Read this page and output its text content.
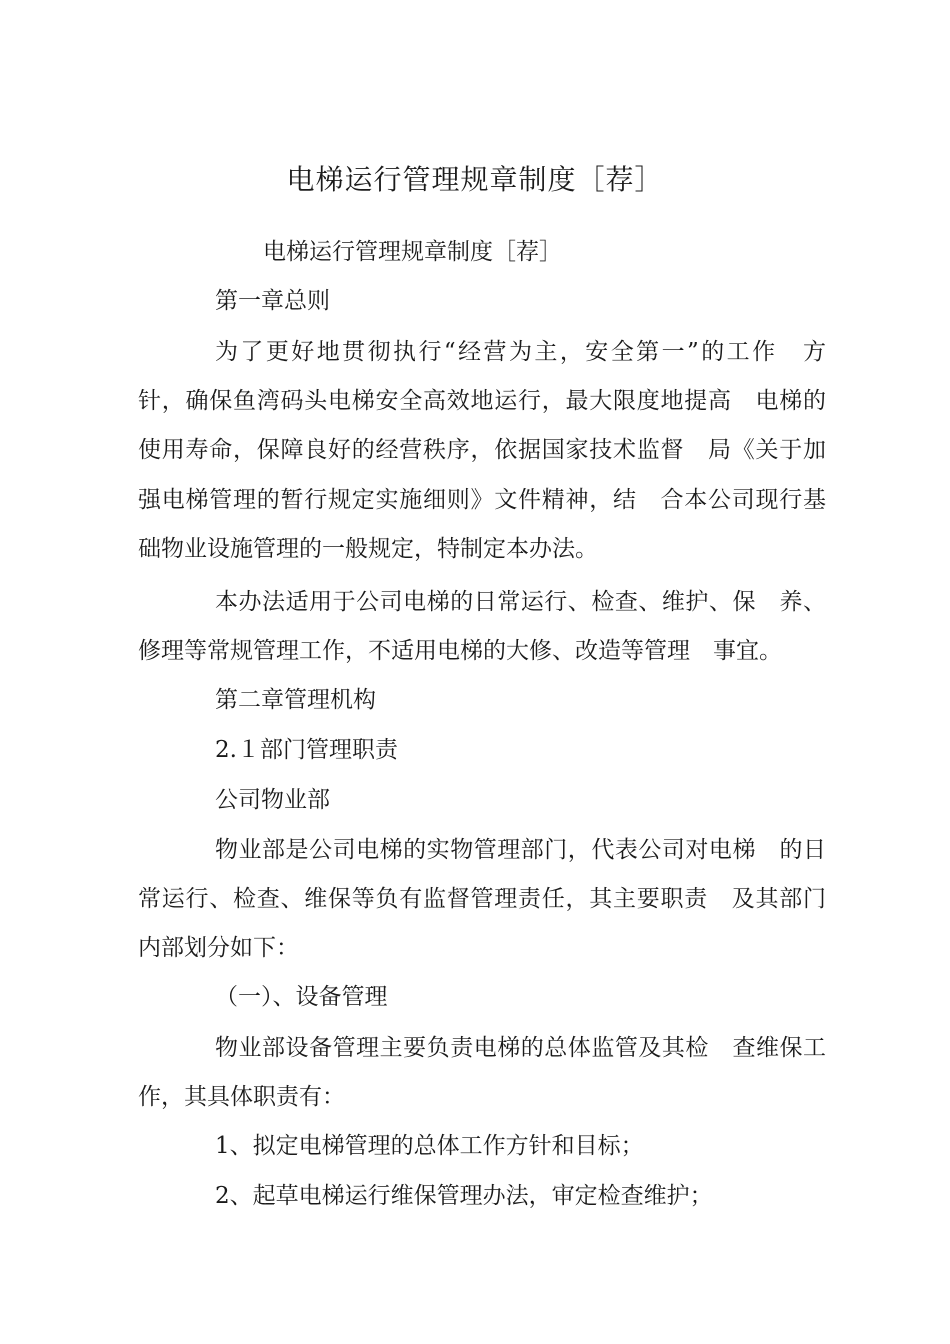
电梯运行管理规章制度［荐］
电梯运行管理规章制度［荐］
第一章总则
为了更好地贯彻执行“经营为主，安全第一”的工作　方
针，确保鱼湾码头电梯安全高效地运行，最大限度地提高　电梯的
使用寿命，保障良好的经营秩序，依据国家技术监督　局《关于加
强电梯管理的暂行规定实施细则》文件精神，结　合本公司现行基
础物业设施管理的一般规定，特制定本办法。
本办法适用于公司电梯的日常运行、检查、维护、保　养、
修理等常规管理工作，不适用电梯的大修、改造等管理　事宜。
第二章管理机构
2.１部门管理职责
公司物业部
物业部是公司电梯的实物管理部门，代表公司对电梯　的日
常运行、检查、维保等负有监督管理责任，其主要职责　及其部门
内部划分如下：
（一）、设备管理
物业部设备管理主要负责电梯的总体监管及其检　查维保工
作，其具体职责有：
1、拟定电梯管理的总体工作方针和目标；
2、起草电梯运行维保管理办法，审定检查维护；
